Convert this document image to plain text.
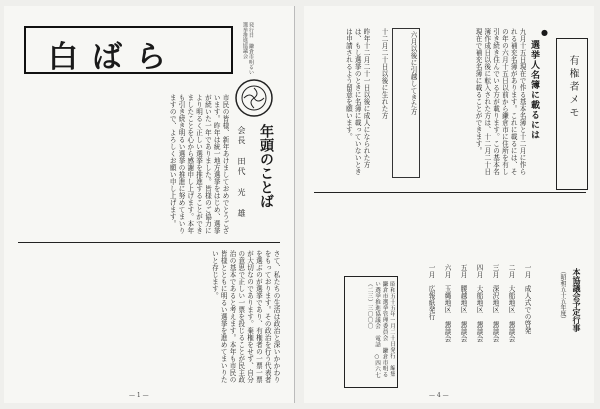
白ばら	発行日 鎌倉市明るい選挙推進協議会
年頭のことば
会長 田代 光 雄
市民の皆様、新年あけましておめでとうございます。昨年は統一地方選挙をはじめ、選挙が続いた一年でありました。皆様のご協力により明るく正しい選挙を推進することができましたことを心から感謝申し上げます。本年も引き続き明るい選挙の推進に努めてまいりますので、よろしくお願い申し上げます。
さて、私たちの生活は政治と深いかかわりをもっております。その政治を行う代表者を選ぶのが選挙であり、有権者の一票一票が大切なのであります。棄権をせず、自分の意思で正しい一票を投じることが民主政治の基本であると考えます。本年も市民の皆様とともに明るい選挙を進めてまいりたいと存じます。
— 1 —
●
選挙人名簿に載るには
九月十五日現在で作る基本名簿と十二月に作られる補充名簿があります。これに載るには、その年の六月十五日以前から鎌倉市に住所を有し引き続き住んでいる方が載ります。この基本名簿作成日以後に転入された方は、十二月二十日現在で補充名簿に載ることができます。
六月以後に引越してきた方
十二月二十日以後に生れた方
昨年十二月二十一日以後に成人になられた方は、もし選挙のときに名簿に載っていないときは申請されるよう留意を願います。	有権者メモ
本協議会予定行事
（昭和五十五年度）
一月　成人式での啓発
二月　大船地区 懇談会
三月　深沢地区 懇談会
四月　大船地区 懇談会
五月　腰越地区 懇談会
六月　玉縄地区 懇談会
一月　広報紙発行
昭和五十五年一月二十日発行　編集 鎌倉市選挙管理委員会 鎌倉市明るい選挙推進協議会 電話 ○四六七（二三）三〇〇〇
— 4 —
